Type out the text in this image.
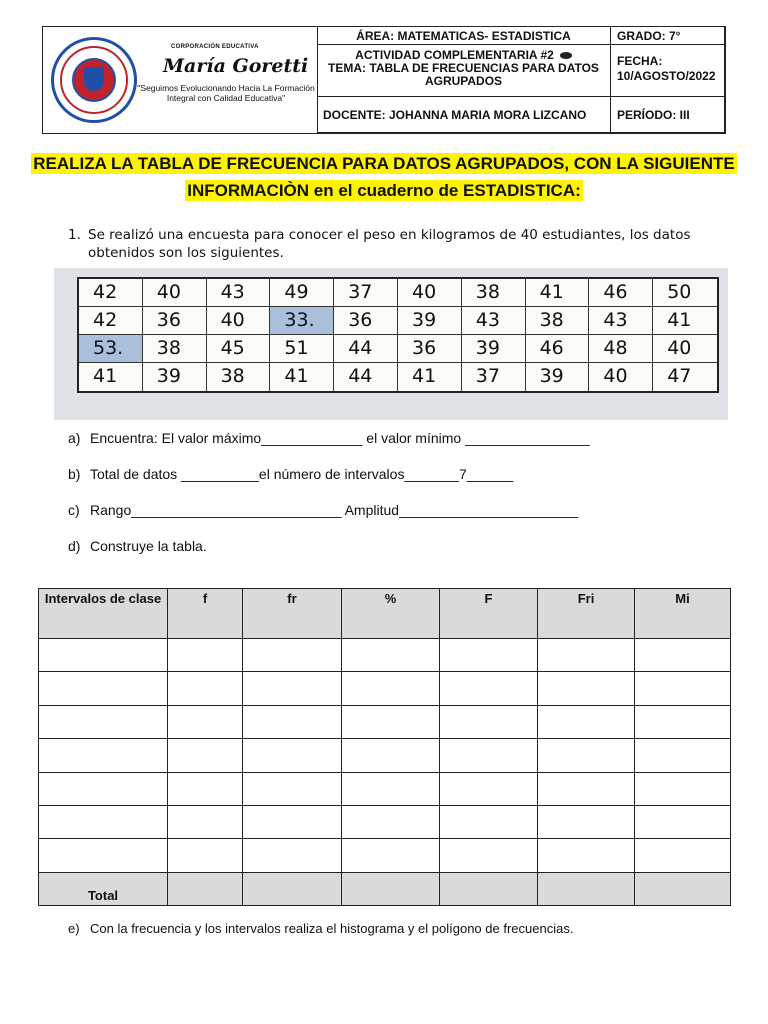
CORPORACIÓN EDUCATIVA
María Goretti
"Seguimos Evolucionando Hacia La Formación Integral con Calidad Educativa"
ÁREA: MATEMATICAS- ESTADISTICA	GRADO: 7°
ACTIVIDAD COMPLEMENTARIA #2
TEMA: TABLA DE FRECUENCIAS PARA DATOS AGRUPADOS
FECHA:
10/AGOSTO/2022
DOCENTE: JOHANNA MARIA MORA LIZCANO	PERÍODO: III
REALIZA LA TABLA DE FRECUENCIA PARA DATOS AGRUPADOS, CON LA SIGUIENTE
INFORMACIÒN en el cuaderno de ESTADISTICA:
1. Se realizó una encuesta para conocer el peso en kilogramos de 40 estudiantes, los datos obtenidos son los siguientes.
42	40	43	49	37	40	38	41	46	50
42	36	40	33.	36	39	43	38	43	41
53.	38	45	51	44	36	39	46	48	40
41	39	38	41	44	41	37	39	40	47
a) Encuentra: El valor máximo_____________ el valor mínimo ________________
b) Total de datos __________el número de intervalos_______7______
c) Rango___________________________ Amplitud_______________________
d) Construye la tabla.
Intervalos de clase	f	fr	%	F	Fri	Mi

Total						
e) Con la frecuencia y los intervalos realiza el histograma y el polígono de frecuencias.
